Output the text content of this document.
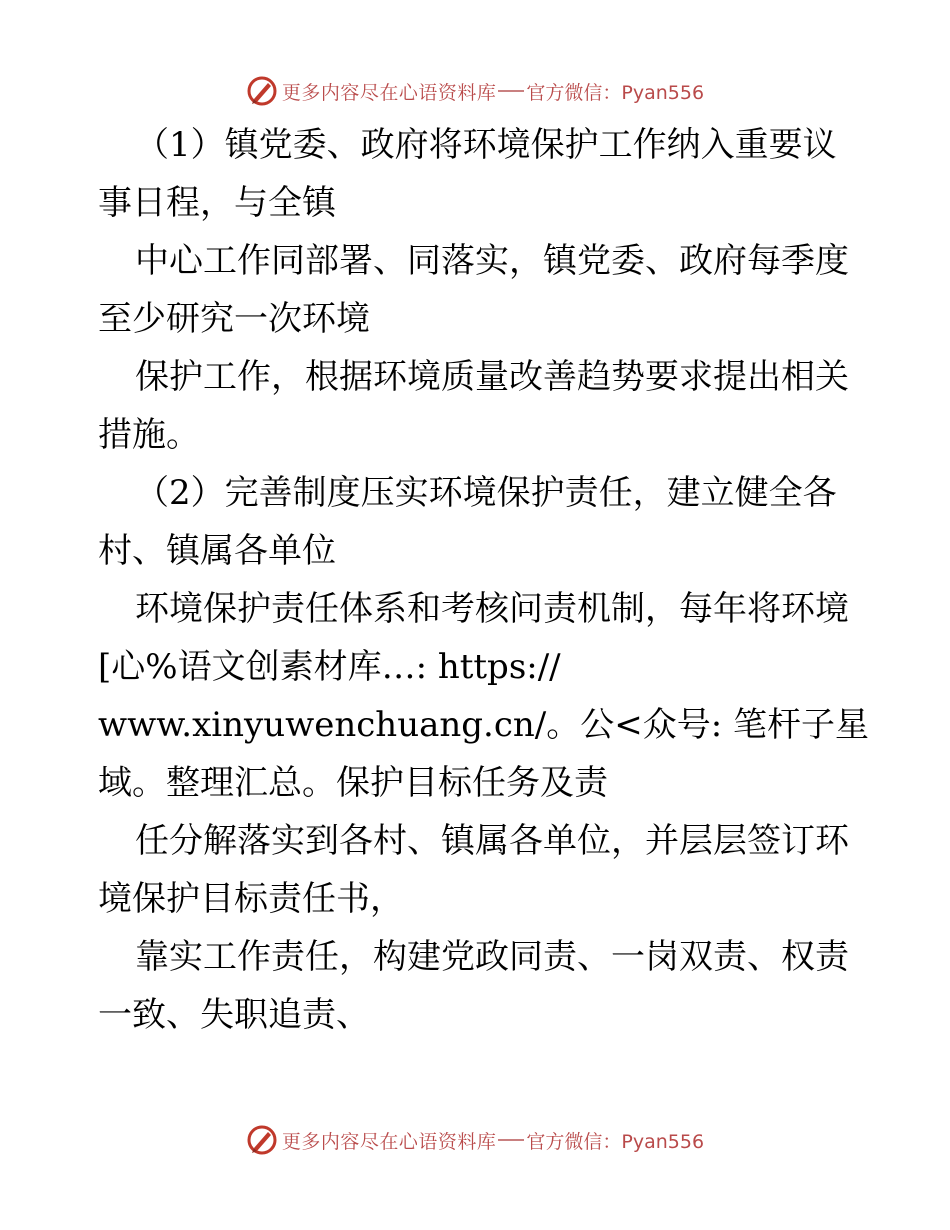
更多内容尽在心语资料库 官方微信：Pyan556
（1）镇党委、政府将环境保护工作纳入重要议
事日程，与全镇
中心工作同部署、同落实，镇党委、政府每季度
至少研究一次环境
保护工作，根据环境质量改善趋势要求提出相关
措施。
（2）完善制度压实环境保护责任，建立健全各
村、镇属各单位
环境保护责任体系和考核问责机制，每年将环境
[心%语文创素材库…: https://
www.xinyuwenchuang.cn/。公<众号: 笔杆子星
域。整理汇总。保护目标任务及责
任分解落实到各村、镇属各单位，并层层签订环
境保护目标责任书，
靠实工作责任，构建党政同责、一岗双责、权责
一致、失职追责、
更多内容尽在心语资料库 官方微信：Pyan556
